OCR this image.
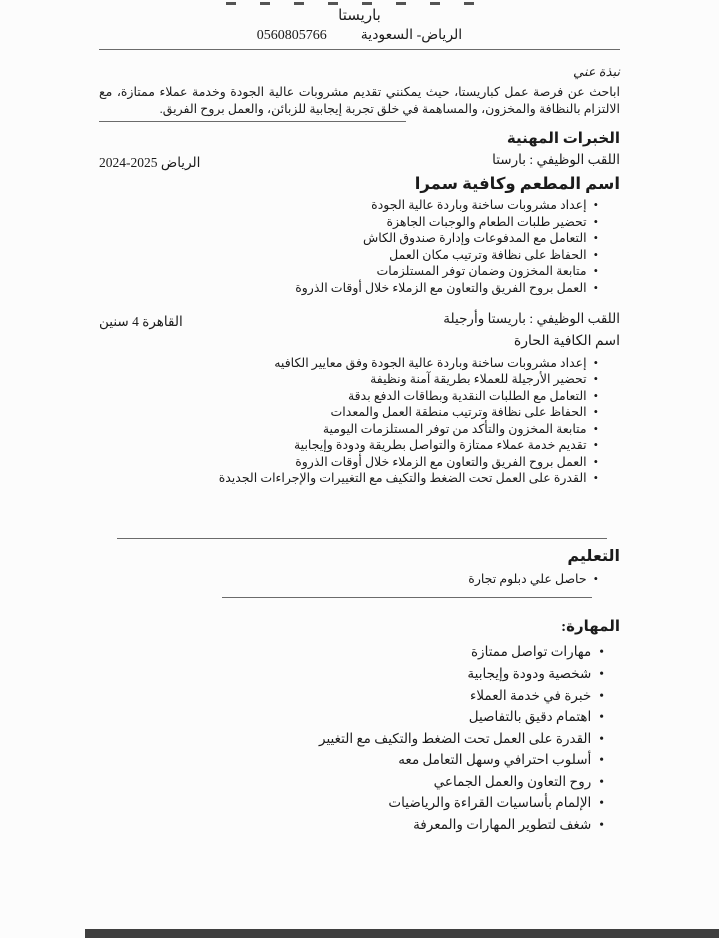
باريستا
الرياض- السعودية
0560805766
نبذة عني

اباحث عن فرصة عمل كباريستا، حيث يمكنني تقديم مشروبات عالية الجودة وخدمة عملاء ممتازة، مع الالتزام بالنظافة والمخزون، والمساهمة في خلق تجربة إيجابية للزبائن، والعمل بروح الفريق.

الخبرات المهنية
اللقب الوظيفي : بارستا
الرياض 2025-2024
اسم المطعم وكافية سمرا
• إعداد مشروبات ساخنة وباردة عالية الجودة
• تحضير طلبات الطعام والوجبات الجاهزة
• التعامل مع المدفوعات وإدارة صندوق الكاش
• الحفاظ على نظافة وترتيب مكان العمل
• متابعة المخزون وضمان توفر المستلزمات
• العمل بروح الفريق والتعاون مع الزملاء خلال أوقات الذروة
اللقب الوظيفي : باريستا وأرجيلة
القاهرة 4 سنين
اسم الكافية الحارة
• إعداد مشروبات ساخنة وباردة عالية الجودة وفق معايير الكافيه
• تحضير الأرجيلة للعملاء بطريقة آمنة ونظيفة
• التعامل مع الطلبات النقدية وبطاقات الدفع بدقة
• الحفاظ على نظافة وترتيب منطقة العمل والمعدات
• متابعة المخزون والتأكد من توفر المستلزمات اليومية
• تقديم خدمة عملاء ممتازة والتواصل بطريقة ودودة وإيجابية
• العمل بروح الفريق والتعاون مع الزملاء خلال أوقات الذروة
• القدرة على العمل تحت الضغط والتكيف مع التغييرات والإجراءات الجديدة
التعليم
• حاصل علي دبلوم تجارة
المهارة:
• مهارات تواصل ممتازة
• شخصية ودودة وإيجابية
• خبرة في خدمة العملاء
• اهتمام دقيق بالتفاصيل
• القدرة على العمل تحت الضغط والتكيف مع التغيير
• أسلوب احترافي وسهل التعامل معه
• روح التعاون والعمل الجماعي
• الإلمام بأساسيات القراءة والرياضيات
• شغف لتطوير المهارات والمعرفة
